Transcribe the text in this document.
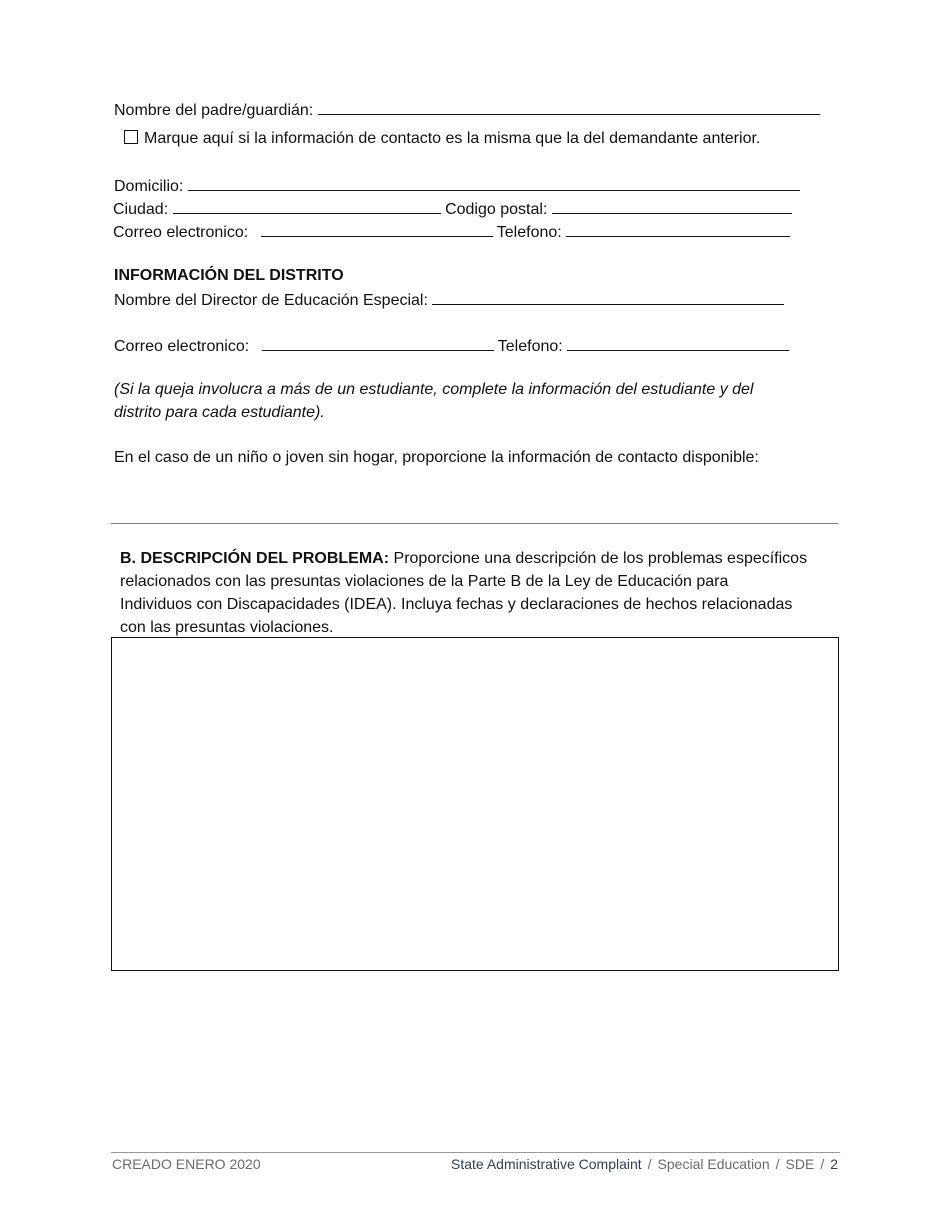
Nombre del padre/guardián:
Marque aquí si la información de contacto es la misma que la del demandante anterior.
Domicilio:
Ciudad:	Codigo postal:
Correo electronico:	Telefono:
INFORMACIÓN DEL DISTRITO
Nombre del Director de Educación Especial:
Correo electronico:	Telefono:
(Si la queja involucra a más de un estudiante, complete la información del estudiante y del
distrito para cada estudiante).
En el caso de un niño o joven sin hogar, proporcione la información de contacto disponible:
B. DESCRIPCIÓN DEL PROBLEMA: Proporcione una descripción de los problemas específicos
relacionados con las presuntas violaciones de la Parte B de la Ley de Educación para
Individuos con Discapacidades (IDEA). Incluya fechas y declaraciones de hechos relacionadas
con las presuntas violaciones.
CREADO ENERO 2020	State Administrative Complaint / Special Education / SDE / 2
